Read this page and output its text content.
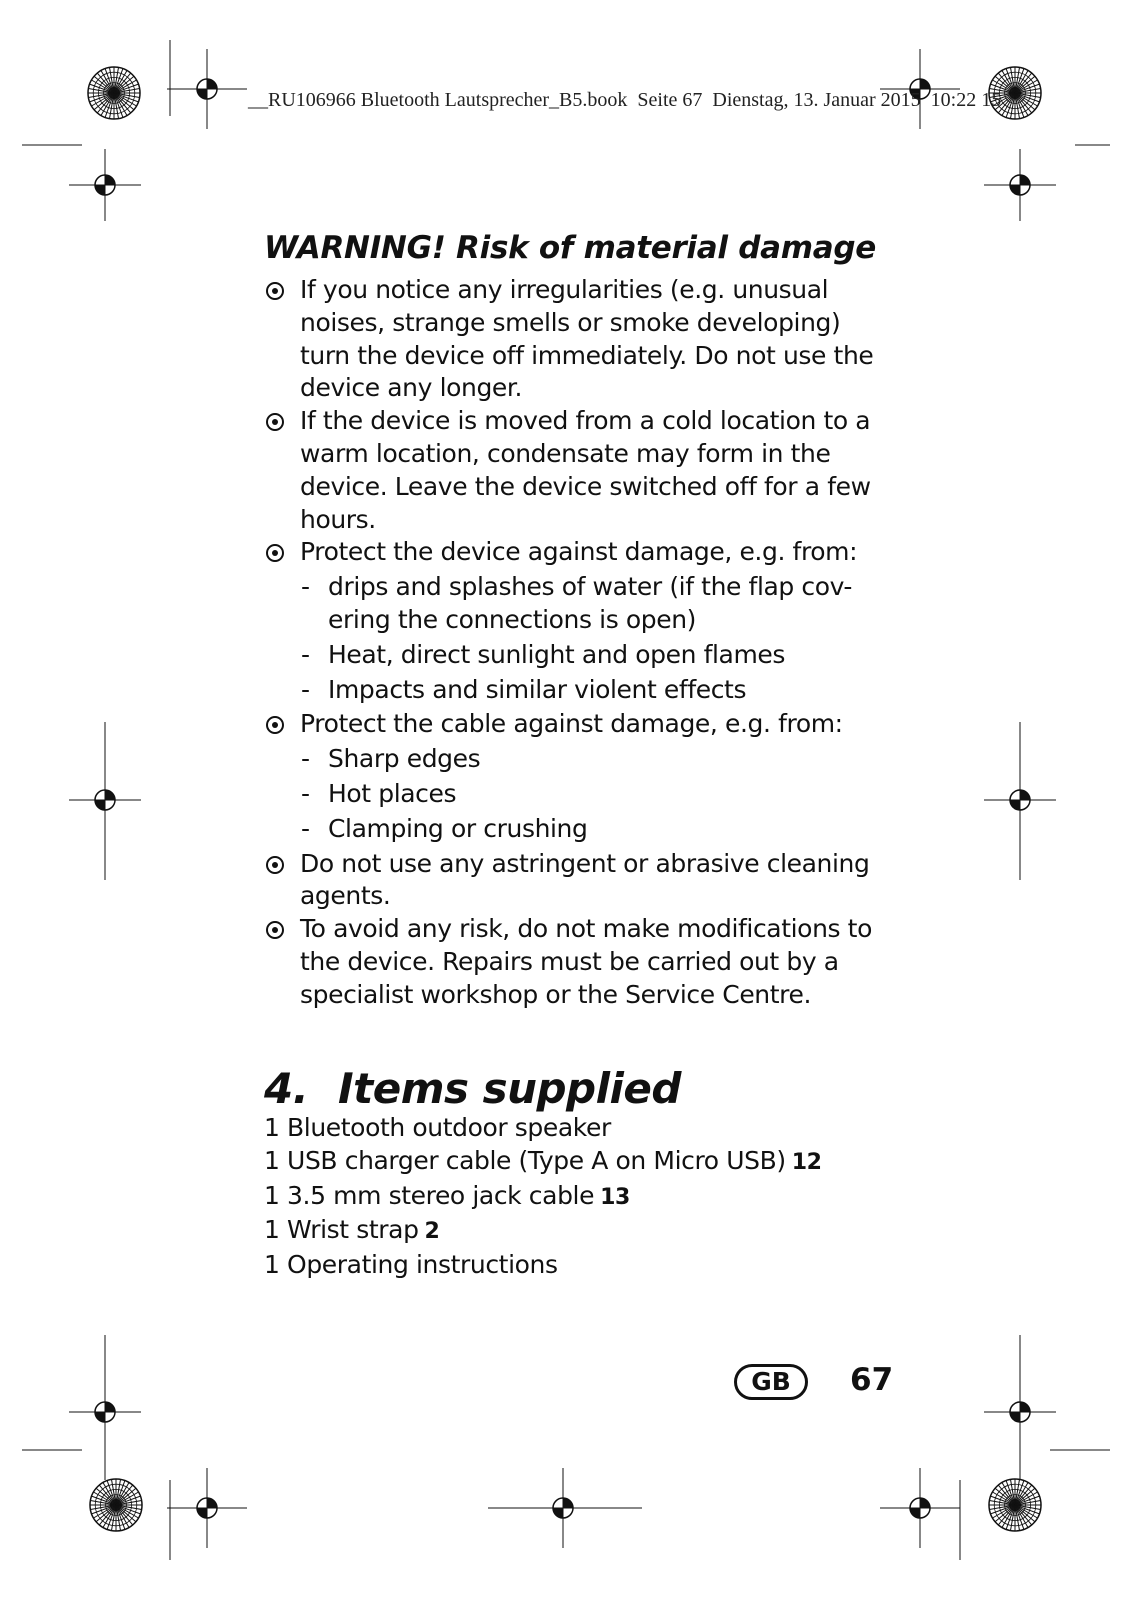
__RU106966 Bluetooth Lautsprecher_B5.book  Seite 67  Dienstag, 13. Januar 2015  10:22 15
WARNING! Risk of material damage
If you notice any irregularities (e.g. unusual noises, strange smells or smoke developing) turn the device off immediately. Do not use the device any longer.
If the device is moved from a cold location to a warm location, condensate may form in the device. Leave the device switched off for a few hours.
Protect the device against damage, e.g. from:
- drips and splashes of water (if the flap cov-ering the connections is open)
- Heat, direct sunlight and open flames
- Impacts and similar violent effects
Protect the cable against damage, e.g. from:
- Sharp edges
- Hot places
- Clamping or crushing
Do not use any astringent or abrasive cleaning agents.
To avoid any risk, do not make modifications to the device. Repairs must be carried out by a specialist workshop or the Service Centre.
4. Items supplied
1 Bluetooth outdoor speaker
1 USB charger cable (Type A on Micro USB) 12
1 3.5 mm stereo jack cable 13
1 Wrist strap 2
1 Operating instructions
GB	67
